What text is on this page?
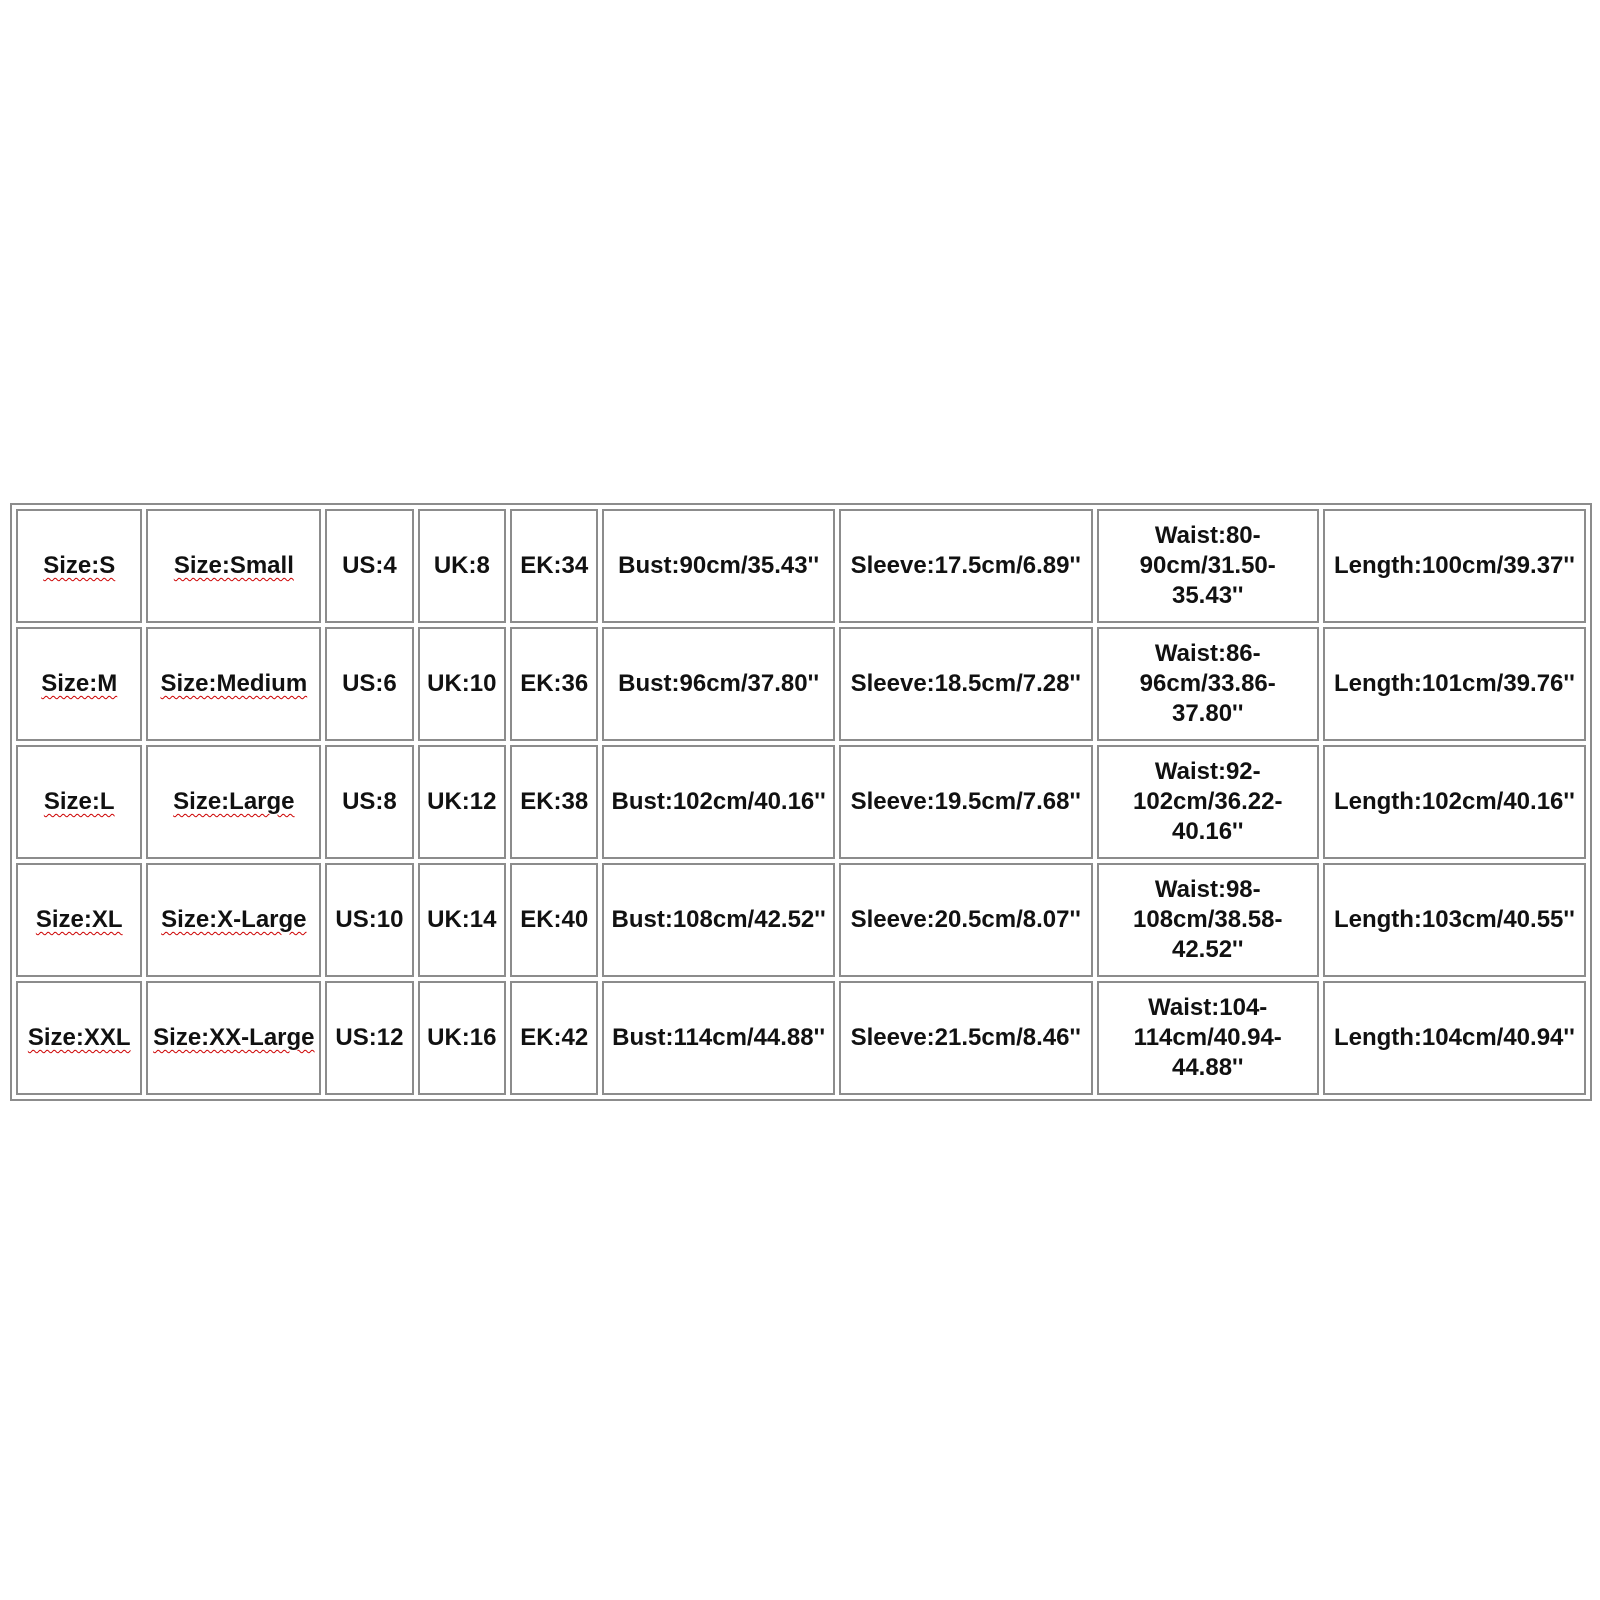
Size:S	Size:Small	US:4	UK:8	EK:34	Bust:90cm/35.43''	Sleeve:17.5cm/6.89''	Waist:80-
90cm/31.50-
35.43''	Length:100cm/39.37''
Size:M	Size:Medium	US:6	UK:10	EK:36	Bust:96cm/37.80''	Sleeve:18.5cm/7.28''	Waist:86-
96cm/33.86-
37.80''	Length:101cm/39.76''
Size:L	Size:Large	US:8	UK:12	EK:38	Bust:102cm/40.16''	Sleeve:19.5cm/7.68''	Waist:92-
102cm/36.22-
40.16''	Length:102cm/40.16''
Size:XL	Size:X-Large	US:10	UK:14	EK:40	Bust:108cm/42.52''	Sleeve:20.5cm/8.07''	Waist:98-
108cm/38.58-
42.52''	Length:103cm/40.55''
Size:XXL	Size:XX-Large	US:12	UK:16	EK:42	Bust:114cm/44.88''	Sleeve:21.5cm/8.46''	Waist:104-
114cm/40.94-
44.88''	Length:104cm/40.94''
